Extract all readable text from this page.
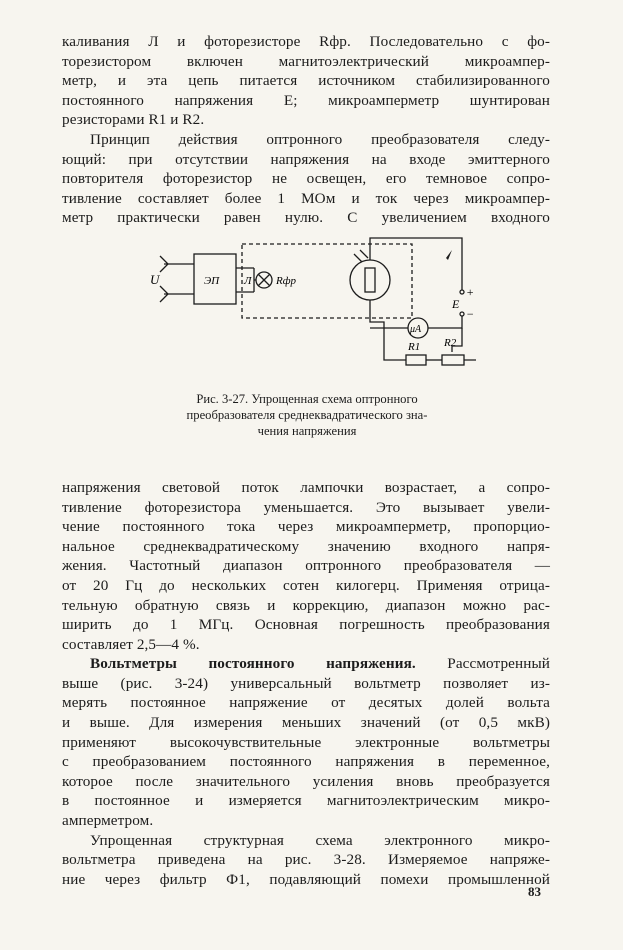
каливания Л и фоторезисторе Rфр. Последовательно с фо-
торезистором включен магнитоэлектрический микроампер-
метр, и эта цепь питается источником стабилизированного
постоянного напряжения E; микроамперметр шунтирован
резисторами R1 и R2.

Принцип действия оптронного преобразователя следу-
ющий: при отсутствии напряжения на входе эмиттерного
повторителя фоторезистор не освещен, его темновое сопро-
тивление составляет более 1 МОм и ток через микроампер-
метр практически равен нулю. С увеличением входного

U	ЭП Л Rфр
μA
R1 R2
+
−
E
Рис. 3-27. Упрощенная схема оптронного
преобразователя среднеквадратического зна-
чения напряжения

напряжения световой поток лампочки возрастает, а сопро-
тивление фоторезистора уменьшается. Это вызывает увели-
чение постоянного тока через микроамперметр, пропорцио-
нальное среднеквадратическому значению входного напря-
жения. Частотный диапазон оптронного преобразователя —
от 20 Гц до нескольких сотен килогерц. Применяя отрица-
тельную обратную связь и коррекцию, диапазон можно рас-
ширить до 1 МГц. Основная погрешность преобразования
составляет 2,5—4 %.

Вольтметры постоянного напряжения. Рассмотренный
выше (рис. 3-24) универсальный вольтметр позволяет из-
мерять постоянное напряжение от десятых долей вольта
и выше. Для измерения меньших значений (от 0,5 мкВ)
применяют высокочувствительные электронные вольтметры
с преобразованием постоянного напряжения в переменное,
которое после значительного усиления вновь преобразуется
в постоянное и измеряется магнитоэлектрическим микро-
амперметром.

Упрощенная структурная схема электронного микро-
вольтметра приведена на рис. 3-28. Измеряемое напряже-
ние через фильтр Ф1, подавляющий помехи промышленной

83
